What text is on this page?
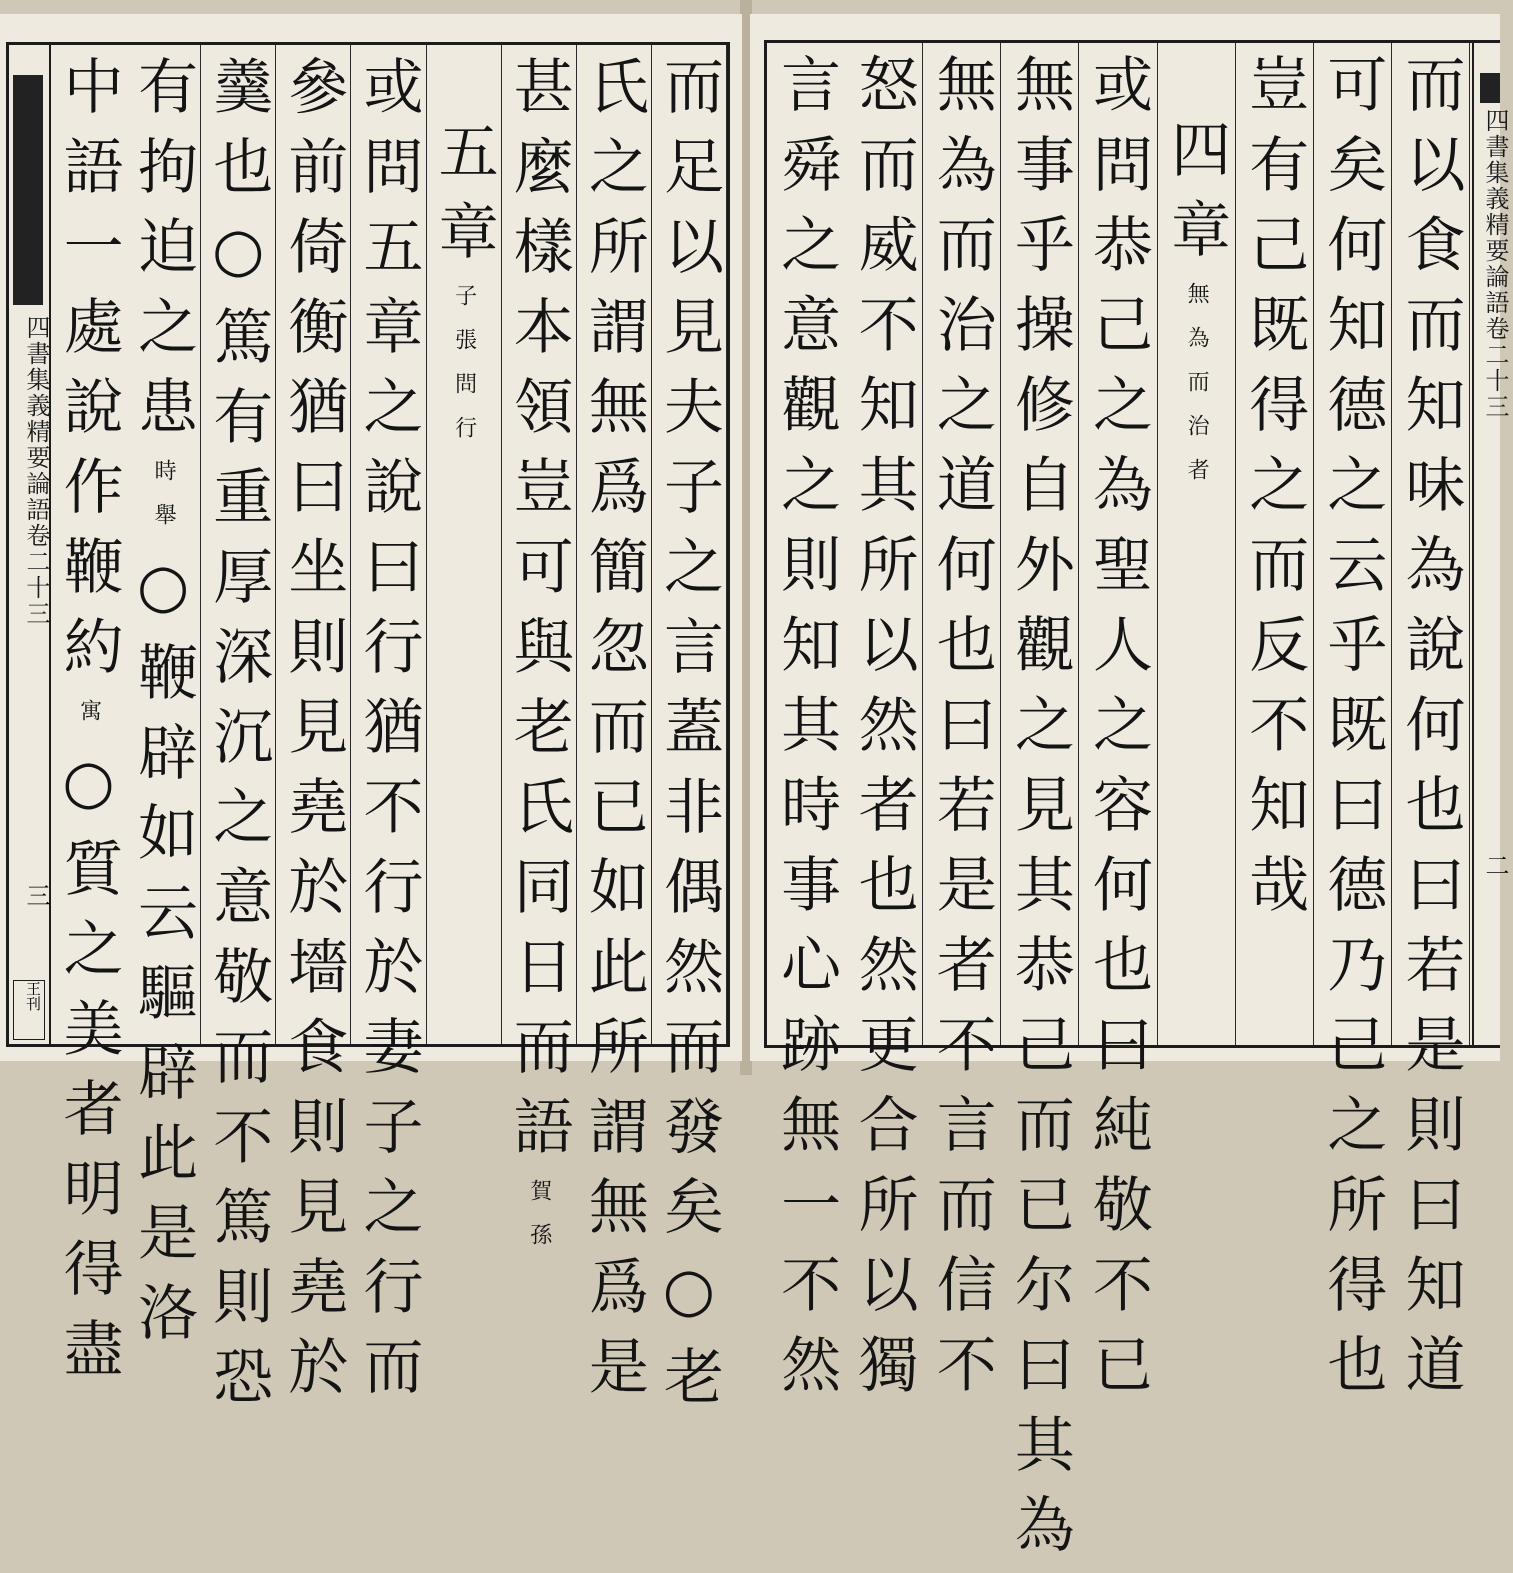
四書集義精要論語卷二十三
三
王刊	而足以見夫子之言蓋非偶然而發矣○老
氏之所謂無爲簡忽而已如此所謂無爲是
甚麼樣本領豈可與老氏同日而語
賀孫
五章
子張問行
或問五章之說曰行猶不行於妻子之行而
參前倚衡猶曰坐則見堯於墻食則見堯於
羹也○篤有重厚深沉之意敬而不篤則恐
有拘迫之患
時舉
○鞭辟如云驅辟此是洛
中語一處說作鞭約
寓
○質之美者明得盡	而以食而知味為說何也曰若是則曰知道
可矣何知德之云乎既曰德乃己之所得也
豈有己既得之而反不知哉
四章
無為而治者
或問恭己之為聖人之容何也曰純敬不已
無事乎操修自外觀之見其恭己而已尔曰其為
無為而治之道何也曰若是者不言而信不
怒而威不知其所以然者也然更合所以獨
言舜之意觀之則知其時事心跡無一不然	四書集義精要論語卷二十三
二
